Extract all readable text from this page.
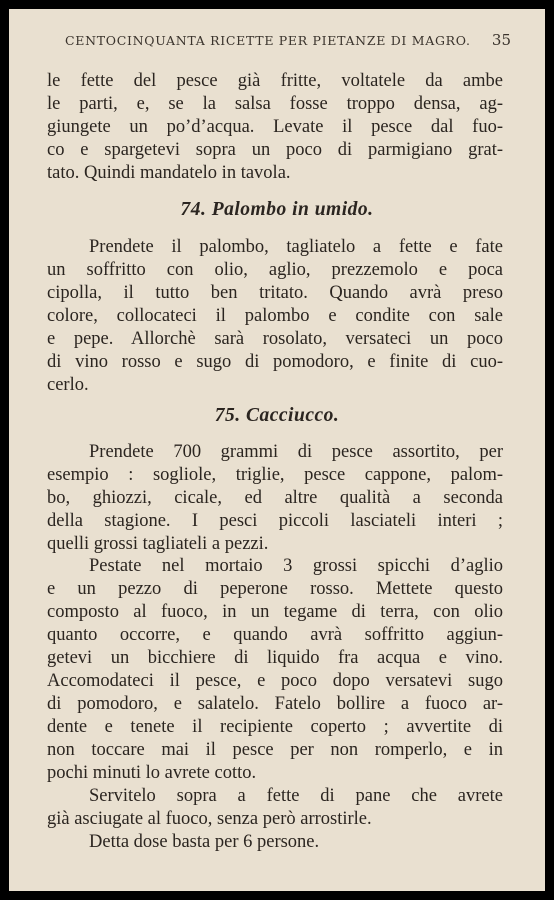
CENTOCINQUANTA RICETTE PER PIETANZE DI MAGRO. 35
le fette del pesce già fritte, voltatele da ambe
le parti, e, se la salsa fosse troppo densa, ag-
giungete un po’d’acqua. Levate il pesce dal fuo-
co e spargetevi sopra un poco di parmigiano grat-
tato. Quindi mandatelo in tavola.
74. Palombo in umido.
Prendete il palombo, tagliatelo a fette e fate
un soffritto con olio, aglio, prezzemolo e poca
cipolla, il tutto ben tritato. Quando avrà preso
colore, collocateci il palombo e condite con sale
e pepe. Allorchè sarà rosolato, versateci un poco
di vino rosso e sugo di pomodoro, e finite di cuo-
cerlo.
75. Cacciucco.
Prendete 700 grammi di pesce assortito, per
esempio : sogliole, triglie, pesce cappone, palom-
bo, ghiozzi, cicale, ed altre qualità a seconda
della stagione. I pesci piccoli lasciateli interi ;
quelli grossi tagliateli a pezzi.
Pestate nel mortaio 3 grossi spicchi d’aglio
e un pezzo di peperone rosso. Mettete questo
composto al fuoco, in un tegame di terra, con olio
quanto occorre, e quando avrà soffritto aggiun-
getevi un bicchiere di liquido fra acqua e vino.
Accomodateci il pesce, e poco dopo versatevi sugo
di pomodoro, e salatelo. Fatelo bollire a fuoco ar-
dente e tenete il recipiente coperto ; avvertite di
non toccare mai il pesce per non romperlo, e in
pochi minuti lo avrete cotto.
Servitelo sopra a fette di pane che avrete
già asciugate al fuoco, senza però arrostirle.
Detta dose basta per 6 persone.
